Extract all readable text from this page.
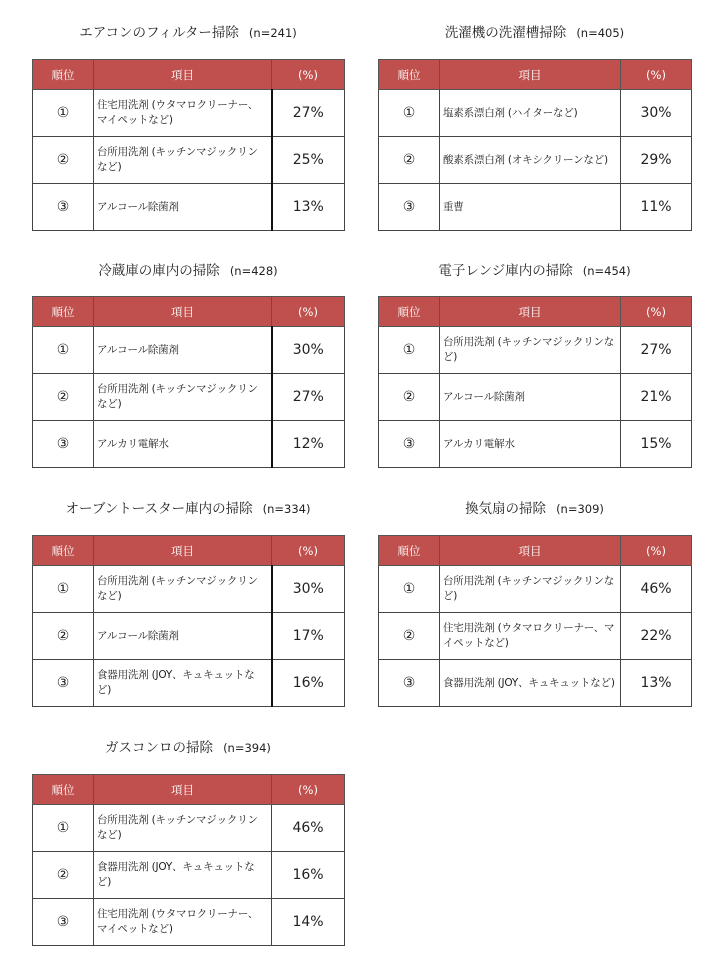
エアコンのフィルター掃除 (n=241)
順位	項目	(%)
①	住宅用洗剤 (ウタマロクリーナー、マイペットなど)	27%
②	台所用洗剤 (キッチンマジックリンなど)	25%
③	アルコール除菌剤	13%
洗濯機の洗濯槽掃除 (n=405)
順位	項目	(%)
①	塩素系漂白剤 (ハイターなど)	30%
②	酸素系漂白剤 (オキシクリーンなど)	29%
③	重曹	11%
冷蔵庫の庫内の掃除 (n=428)
順位	項目	(%)
①	アルコール除菌剤	30%
②	台所用洗剤 (キッチンマジックリンなど)	27%
③	アルカリ電解水	12%
電子レンジ庫内の掃除 (n=454)
順位	項目	(%)
①	台所用洗剤 (キッチンマジックリンなど)	27%
②	アルコール除菌剤	21%
③	アルカリ電解水	15%
オーブントースター庫内の掃除 (n=334)
順位	項目	(%)
①	台所用洗剤 (キッチンマジックリンなど)	30%
②	アルコール除菌剤	17%
③	食器用洗剤 (JOY、キュキュットなど)	16%
換気扇の掃除 (n=309)
順位	項目	(%)
①	台所用洗剤 (キッチンマジックリンなど)	46%
②	住宅用洗剤 (ウタマロクリーナー、マイペットなど)	22%
③	食器用洗剤 (JOY、キュキュットなど)	13%
ガスコンロの掃除 (n=394)
順位	項目	(%)
①	台所用洗剤 (キッチンマジックリンなど)	46%
②	食器用洗剤 (JOY、キュキュットなど)	16%
③	住宅用洗剤 (ウタマロクリーナー、マイペットなど)	14%
